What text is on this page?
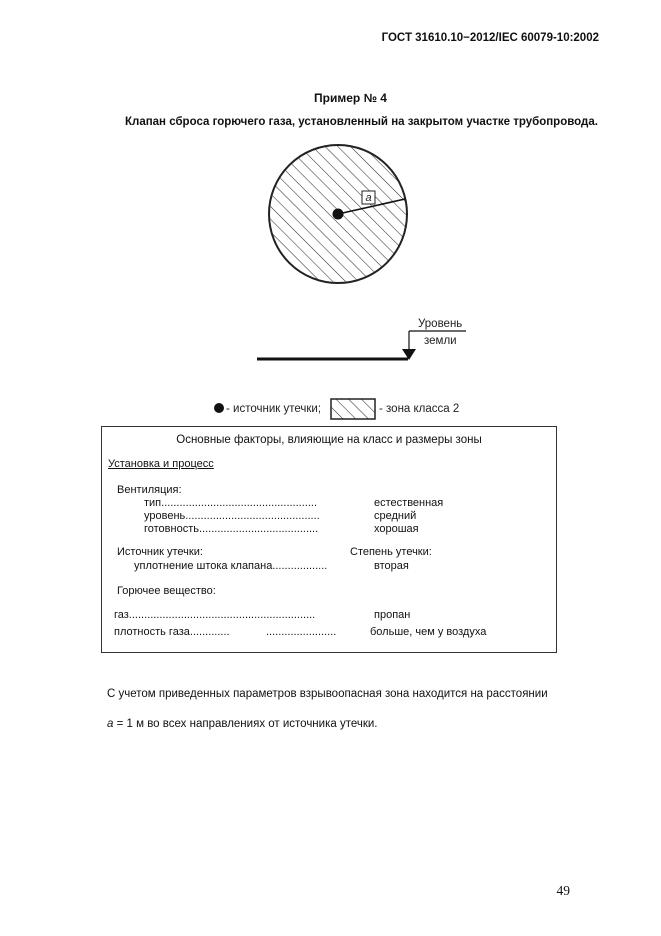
ГОСТ 31610.10−2012/IEC 60079-10:2002
Пример № 4
Клапан сброса горючего газа, установленный на закрытом участке трубопровода.
a
Уровень
земли
- источник утечки;	- зона класса 2
Основные факторы, влияющие на класс и размеры зоны
Установка и процесс
Вентиляция:
тип...................................................	естественная
уровень............................................	средний
готовность.......................................	хорошая
Источник утечки:	Степень утечки:
уплотнение штока клапана..................	вторая
Горючее вещество:
газ.............................................................	пропан
плотность газа.............	.......................	больше, чем у воздуха
С учетом приведенных параметров взрывоопасная зона находится на расстоянии
a = 1 м во всех направлениях от источника утечки.
49
